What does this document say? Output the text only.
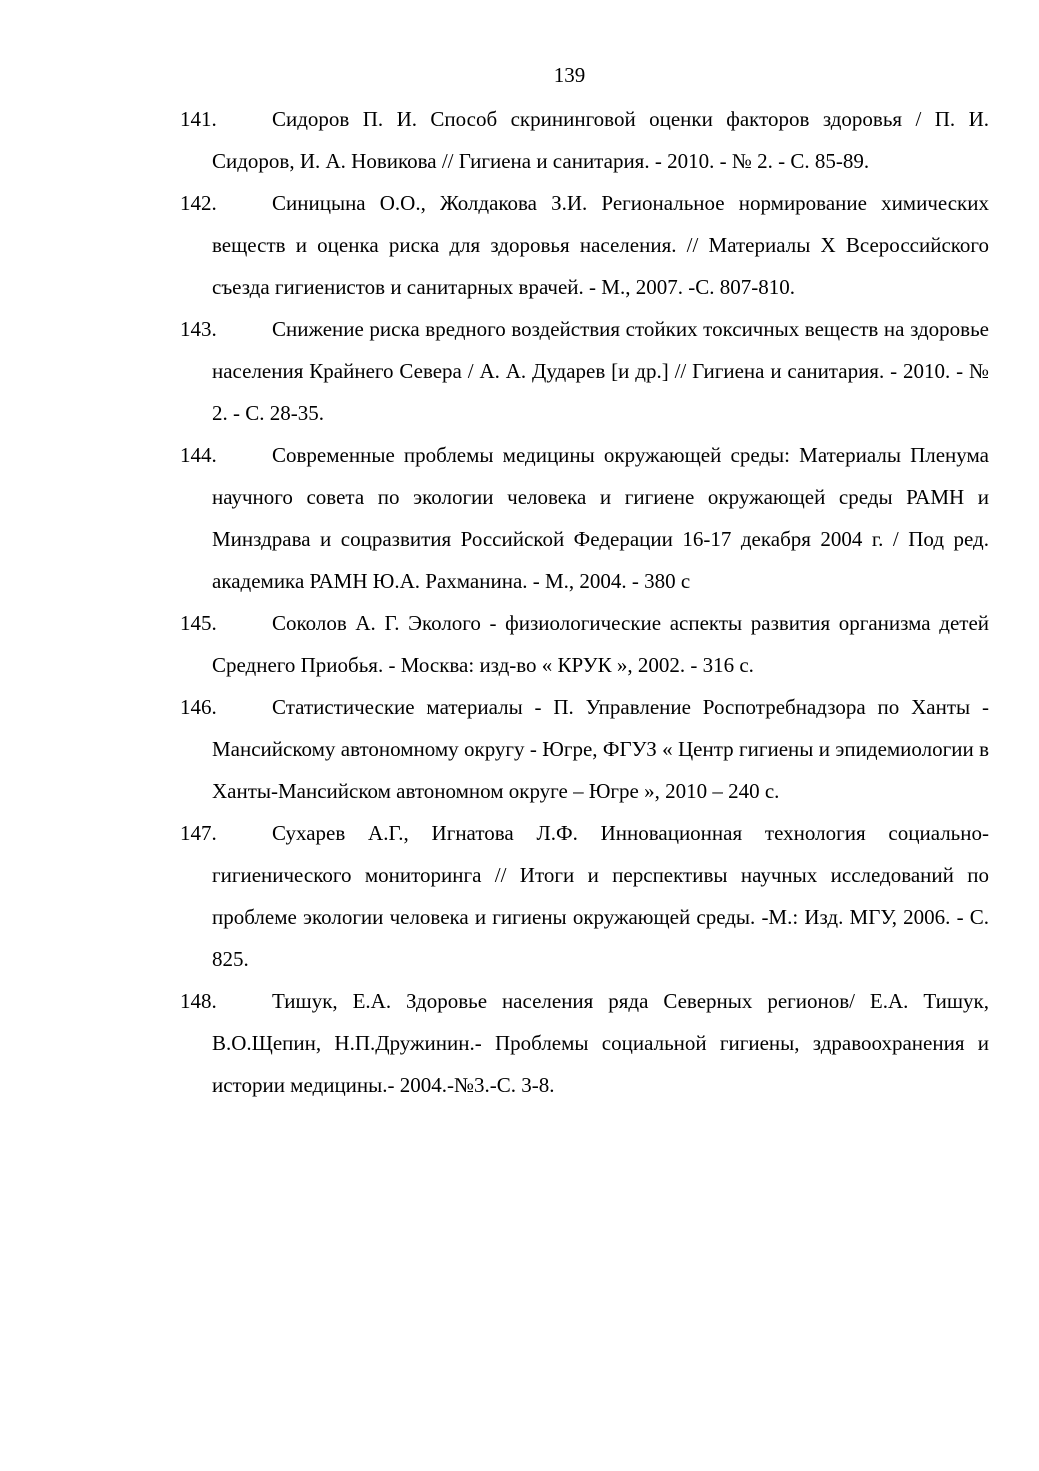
139

141.	Сидоров П. И. Способ скрининговой оценки факторов здоровья / П. И. Сидоров, И. А. Новикова // Гигиена и санитария. - 2010. - № 2. - С. 85-89.

142.	Синицына О.О., Жолдакова З.И. Региональное нормирование химических веществ и оценка риска для здоровья населения. // Материалы X Всероссийского съезда гигиенистов и санитарных врачей. - М., 2007. -С. 807-810.

143.	Снижение риска вредного воздействия стойких токсичных веществ на здоровье населения Крайнего Севера / А. А. Дударев [и др.] // Гигиена и санитария. - 2010. - № 2. - С. 28-35.

144.	Современные проблемы медицины окружающей среды: Материалы Пленума научного совета по экологии человека и гигиене окружающей среды РАМН и Минздрава и соцразвития Российской Федерации 16-17 декабря 2004 г. / Под ред. академика РАМН Ю.А. Рахманина. - М., 2004. - 380 с

145.	Соколов А. Г. Эколого - физиологические аспекты развития организма детей Среднего Приобья. - Москва: изд-во « КРУК », 2002. - 316 с.

146.	Статистические материалы - П. Управление Роспотребнадзора по Ханты - Мансийскому автономному округу - Югре, ФГУЗ « Центр гигиены и эпидемиологии в Ханты-Мансийском автономном округе – Югре », 2010 – 240 с.

147.	Сухарев А.Г., Игнатова Л.Ф. Инновационная технология социально-гигиенического мониторинга // Итоги и перспективы научных исследований по проблеме экологии человека и гигиены окружающей среды. -М.: Изд. МГУ, 2006. - С. 825.

148.	Тишук, Е.А. Здоровье населения ряда Северных регионов/ Е.А. Тишук, В.О.Щепин, Н.П.Дружинин.- Проблемы социальной гигиены, здравоохранения и истории медицины.- 2004.-№3.-С. 3-8.
